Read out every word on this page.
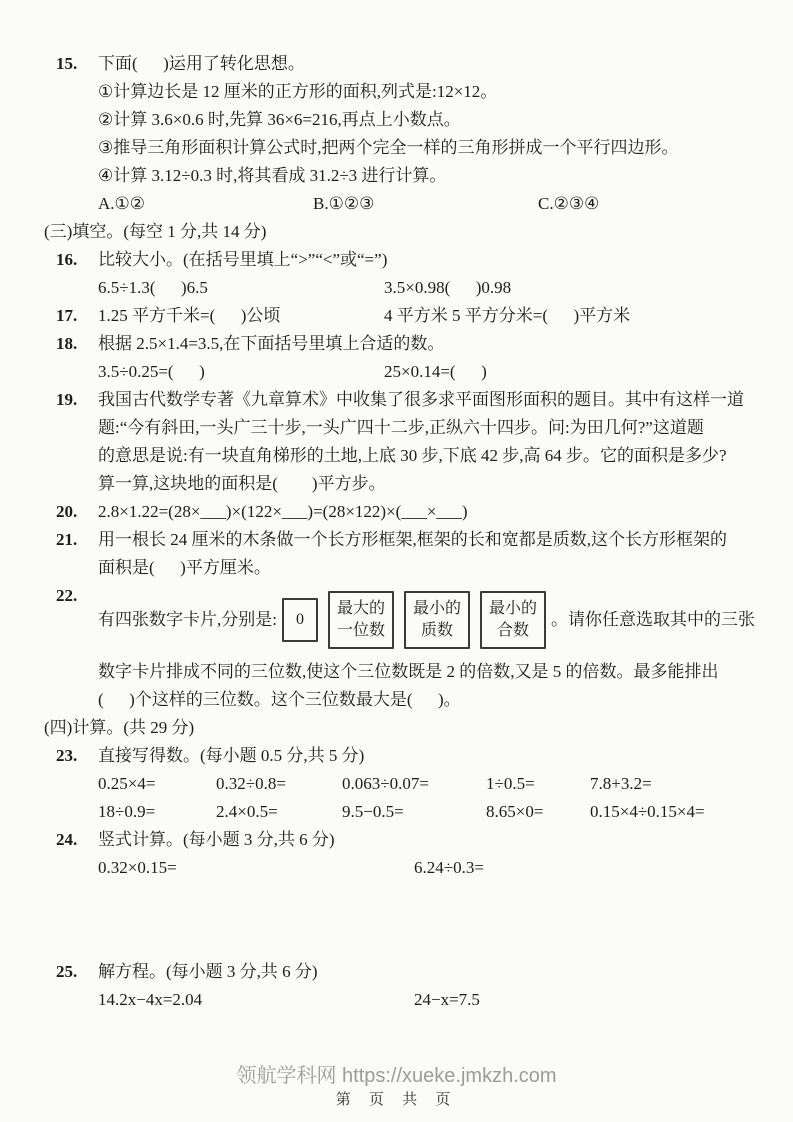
15.	下面(      )运用了转化思想。
①计算边长是 12 厘米的正方形的面积,列式是:12×12。
②计算 3.6×0.6 时,先算 36×6=216,再点上小数点。
③推导三角形面积计算公式时,把两个完全一样的三角形拼成一个平行四边形。
④计算 3.12÷0.3 时,将其看成 31.2÷3 进行计算。
A.①②	B.①②③	C.②③④
(三)填空。(每空 1 分,共 14 分)
16.	比较大小。(在括号里填上“>”“<”或“=”)
6.5÷1.3(      )6.5	3.5×0.98(      )0.98
17.	1.25 平方千米=(      )公顷	4 平方米 5 平方分米=(      )平方米
18.	根据 2.5×1.4=3.5,在下面括号里填上合适的数。
3.5÷0.25=(      )	25×0.14=(      )
19.	我国古代数学专著《九章算术》中收集了很多求平面图形面积的题目。其中有这样一道
题:“今有斜田,一头广三十步,一头广四十二步,正纵六十四步。问:为田几何?”这道题
的意思是说:有一块直角梯形的土地,上底 30 步,下底 42 步,高 64 步。它的面积是多少?
算一算,这块地的面积是(        )平方步。
20.	2.8×1.22=(28×___)×(122×___)=(28×122)×(___×___)
21.	用一根长 24 厘米的木条做一个长方形框架,框架的长和宽都是质数,这个长方形框架的
面积是(      )平方厘米。
22.
有四张数字卡片,分别是: 0
最大的
一位数
最小的
质数
最小的
合数
。请你任意选取其中的三张
数字卡片排成不同的三位数,使这个三位数既是 2 的倍数,又是 5 的倍数。最多能排出
(      )个这样的三位数。这个三位数最大是(      )。
(四)计算。(共 29 分)
23.	直接写得数。(每小题 0.5 分,共 5 分)
0.25×4=	0.32÷0.8=	0.063÷0.07=	1÷0.5=	7.8+3.2=
18÷0.9=	2.4×0.5=	9.5−0.5=	8.65×0=	0.15×4÷0.15×4=
24.	竖式计算。(每小题 3 分,共 6 分)
0.32×0.15=	6.24÷0.3=
25.	解方程。(每小题 3 分,共 6 分)
14.2x−4x=2.04	24−x=7.5
领航学科网 https://xueke.jmkzh.com
第 页 共 页
